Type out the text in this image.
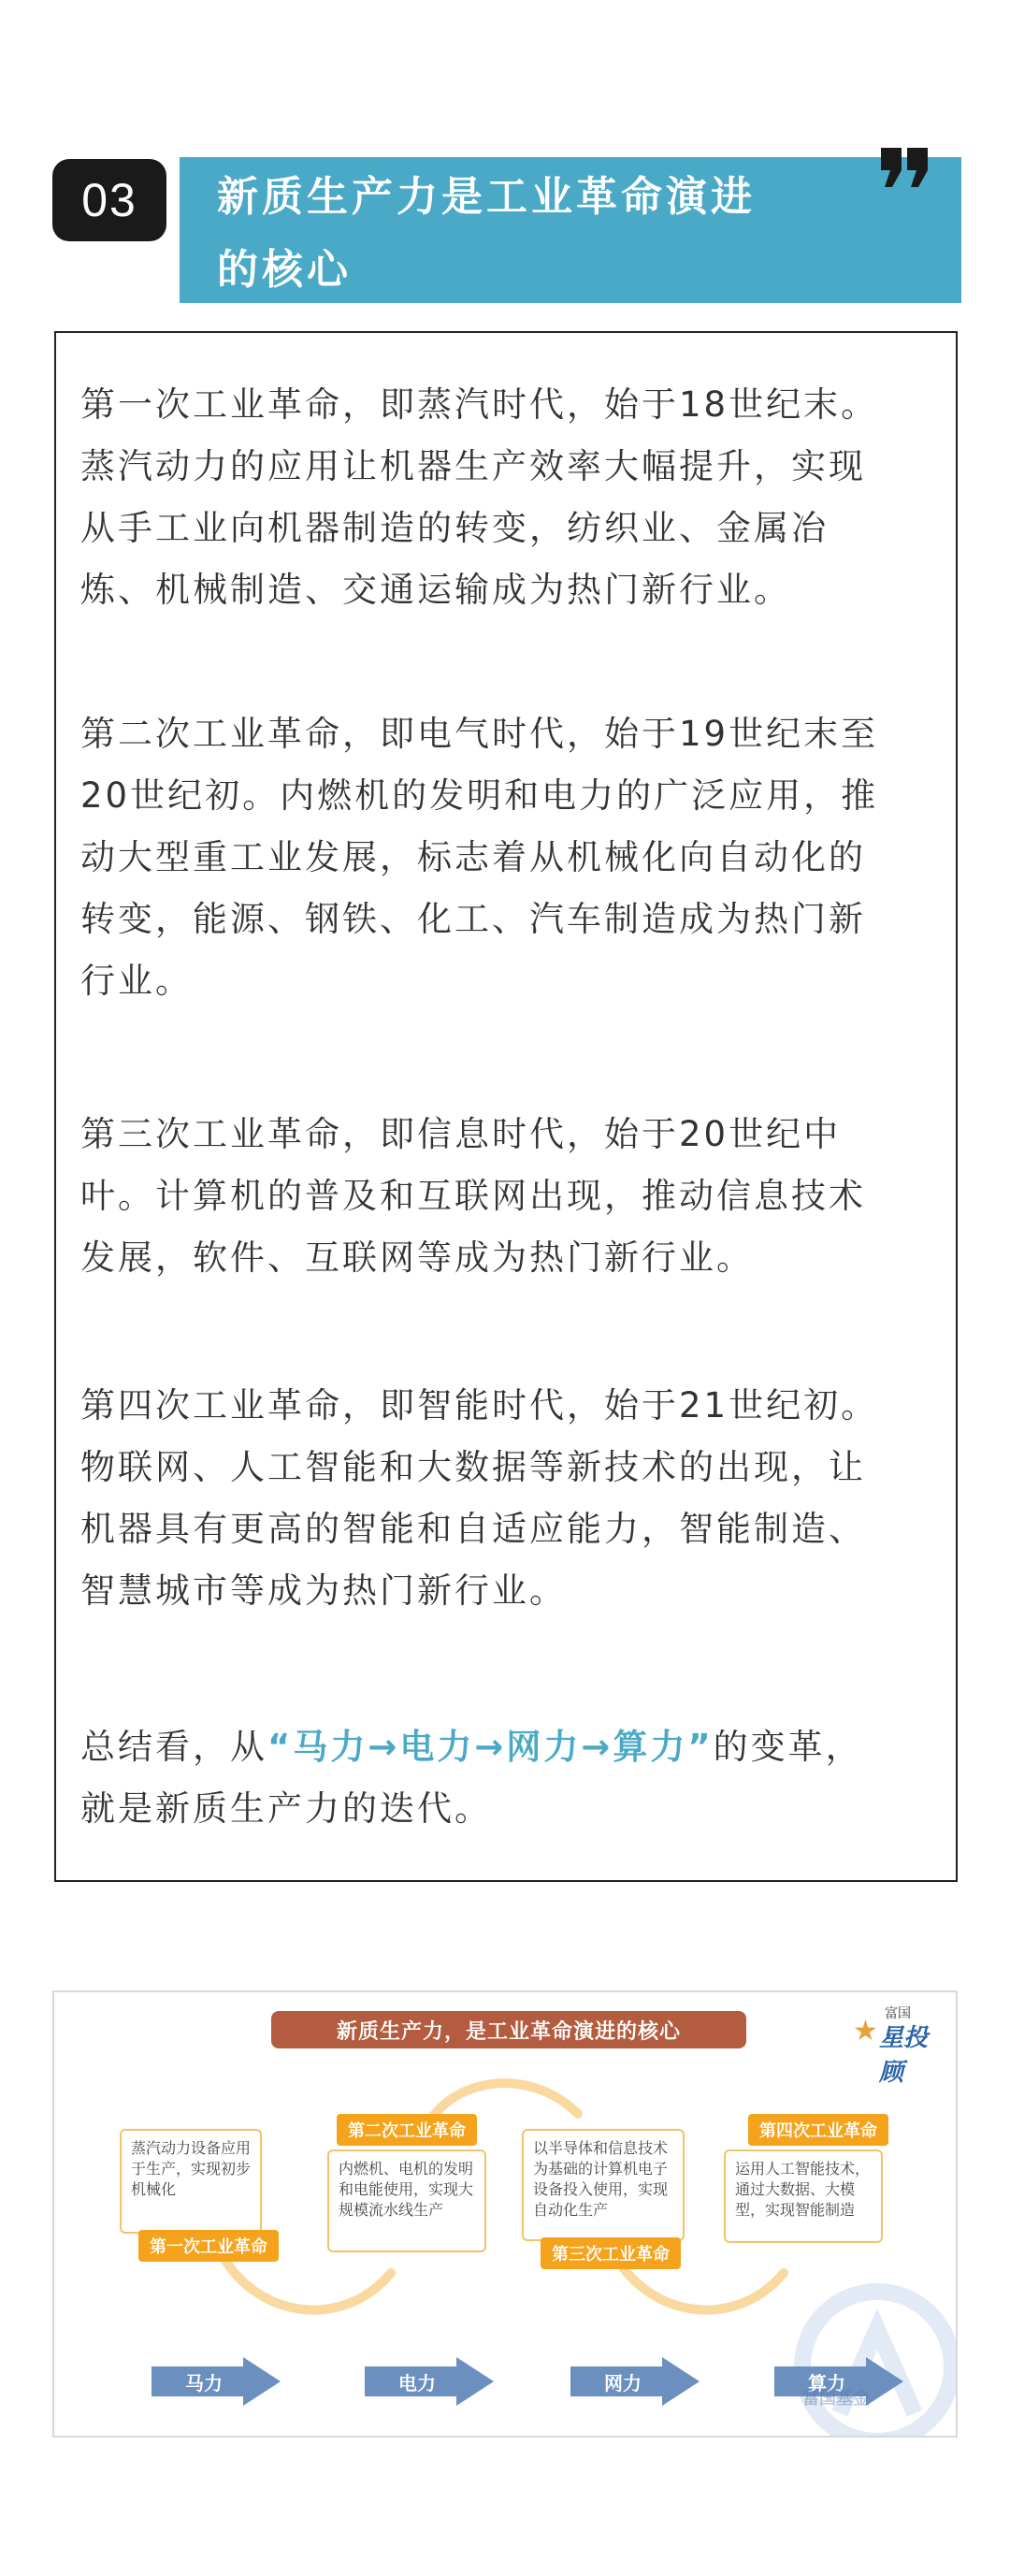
03	新质生产力是工业革命演进
的核心
第一次工业革命，即蒸汽时代，始于18世纪末。
蒸汽动力的应用让机器生产效率大幅提升，实现
从手工业向机器制造的转变，纺织业、金属冶
炼、机械制造、交通运输成为热门新行业。
第二次工业革命，即电气时代，始于19世纪末至
20世纪初。内燃机的发明和电力的广泛应用，推
动大型重工业发展，标志着从机械化向自动化的
转变，能源、钢铁、化工、汽车制造成为热门新
行业。
第三次工业革命，即信息时代，始于20世纪中
叶。计算机的普及和互联网出现，推动信息技术
发展，软件、互联网等成为热门新行业。
第四次工业革命，即智能时代，始于21世纪初。
物联网、人工智能和大数据等新技术的出现，让
机器具有更高的智能和自适应能力，智能制造、
智慧城市等成为热门新行业。
总结看，从“马力→电力→网力→算力”的变革，
就是新质生产力的迭代。
新质生产力，是工业革命演进的核心	★
富国
星投顾
蒸汽动力设备应用于生产，实现初步机械化
第一次工业革命
第二次工业革命
内燃机、电机的发明和电能使用，实现大规模流水线生产
以半导体和信息技术为基础的计算机电子设备投入使用，实现自动化生产
第三次工业革命
第四次工业革命
运用人工智能技术，通过大数据、大模型，实现智能制造
马力	电力	网力	算力
富国基金
